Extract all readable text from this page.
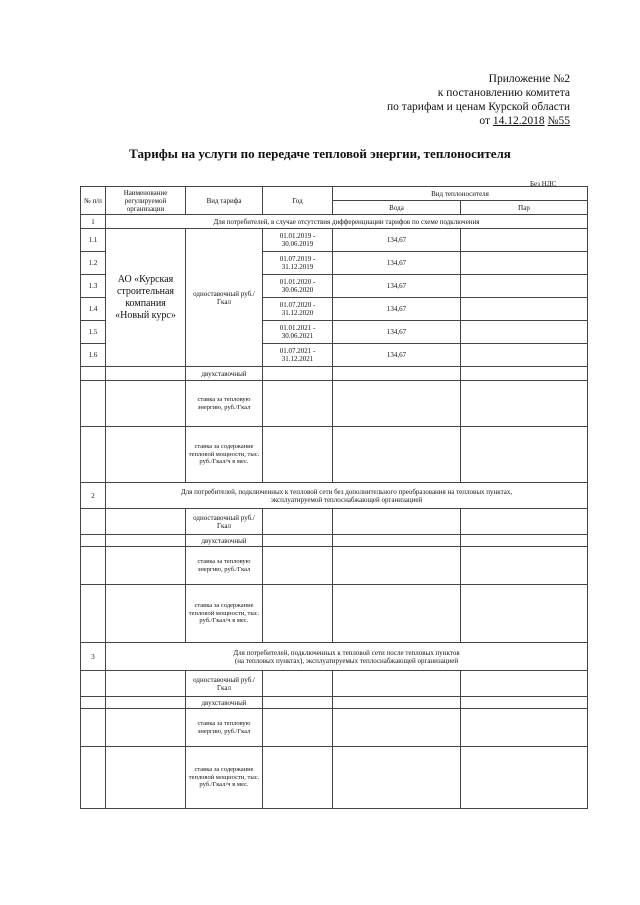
Приложение №2
к постановлению комитета
по тарифам и ценам Курской области
от 14.12.2018 №55
Тарифы на услуги по передаче тепловой энергии, теплоносителя
Без НДС
№ п/п	Наименование регулируемой организации	Вид тарифа	Год	Вид теплоносителя	
				Вода	Пар
1	Для потребителей, в случае отсутствия дифференциации тарифов по схеме подключения				
1.1	АО «Курская строительная компания «Новый курс»	одноставочный руб./Гкал	01.01.2019 - 30.06.2019	134,67	
1.2			01.07.2019 - 31.12.2019	134,67	
1.3			01.01.2020 - 30.06.2020	134,67	
1.4			01.07.2020 - 31.12.2020	134,67	
1.5			01.01.2021 - 30.06.2021	134,67	
1.6			01.07.2021 - 31.12.2021	134,67	
		двухставочный			
		ставка за тепловую энергию, руб./Гкал			
		ставка за содержание тепловой мощности, тыс. руб./Гкал/ч в мес.			
2	Для потребителей, подключенных к тепловой сети без дополнительного преобразования на тепловых пунктах,
эксплуатируемой теплоснабжающей организацией				

		одноставочный руб./Гкал			
		двухставочный			
		ставка за тепловую энергию, руб./Гкал			
		ставка за содержание тепловой мощности, тыс. руб./Гкал/ч в мес.			
3	Для потребителей, подключенных к тепловой сети после тепловых пунктов
(на тепловых пунктах), эксплуатируемых теплоснабжающей организацией				

		одноставочный руб./Гкал			
		двухставочный			
		ставка за тепловую энергию, руб./Гкал			
		ставка за содержание тепловой мощности, тыс. руб./Гкал/ч в мес.			
